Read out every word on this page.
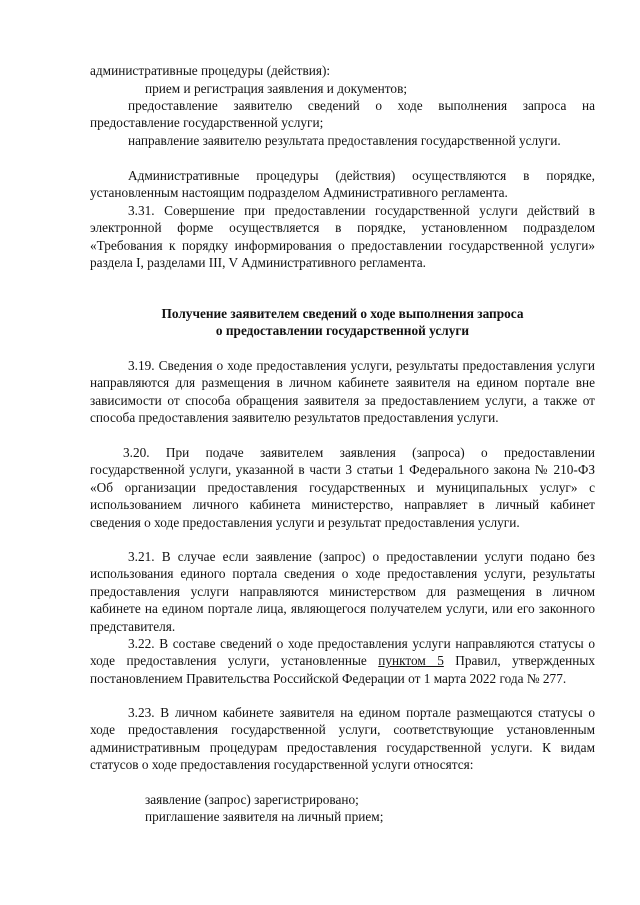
административные процедуры (действия):

прием и регистрация заявления и документов;

предоставление заявителю сведений о ходе выполнения запроса на предоставление государственной услуги;

направление заявителю результата предоставления государственной услуги.

Административные процедуры (действия) осуществляются в порядке, установленным настоящим подразделом Административного регламента.

3.31. Совершение при предоставлении государственной услуги действий в электронной форме осуществляется в порядке, установленном подразделом «Требования к порядку информирования о предоставлении государственной услуги» раздела I, разделами III, V Административного регламента.

Получение заявителем сведений о ходе выполнения запроса

о предоставлении государственной услуги

3.19. Сведения о ходе предоставления услуги, результаты предоставления услуги направляются для размещения в личном кабинете заявителя на едином портале вне зависимости от способа обращения заявителя за предоставлением услуги, а также от способа предоставления заявителю результатов предоставления услуги.

3.20. При подаче заявителем заявления (запроса) о предоставлении государственной услуги, указанной в части 3 статьи 1 Федерального закона № 210-ФЗ «Об организации предоставления государственных и муниципальных услуг» с использованием личного кабинета министерство, направляет в личный кабинет сведения о ходе предоставления услуги и результат предоставления услуги.

3.21. В случае если заявление (запрос) о предоставлении услуги подано без использования единого портала сведения о ходе предоставления услуги, результаты предоставления услуги направляются министерством для размещения в личном кабинете на едином портале лица, являющегося получателем услуги, или его законного представителя.

3.22. В составе сведений о ходе предоставления услуги направляются статусы о ходе предоставления услуги, установленные пунктом 5 Правил, утвержденных постановлением Правительства Российской Федерации от 1 марта 2022 года № 277.

3.23. В личном кабинете заявителя на едином портале размещаются статусы о ходе предоставления государственной услуги, соответствующие установленным административным процедурам предоставления государственной услуги. К видам статусов о ходе предоставления государственной услуги относятся:

заявление (запрос) зарегистрировано;

приглашение заявителя на личный прием;
